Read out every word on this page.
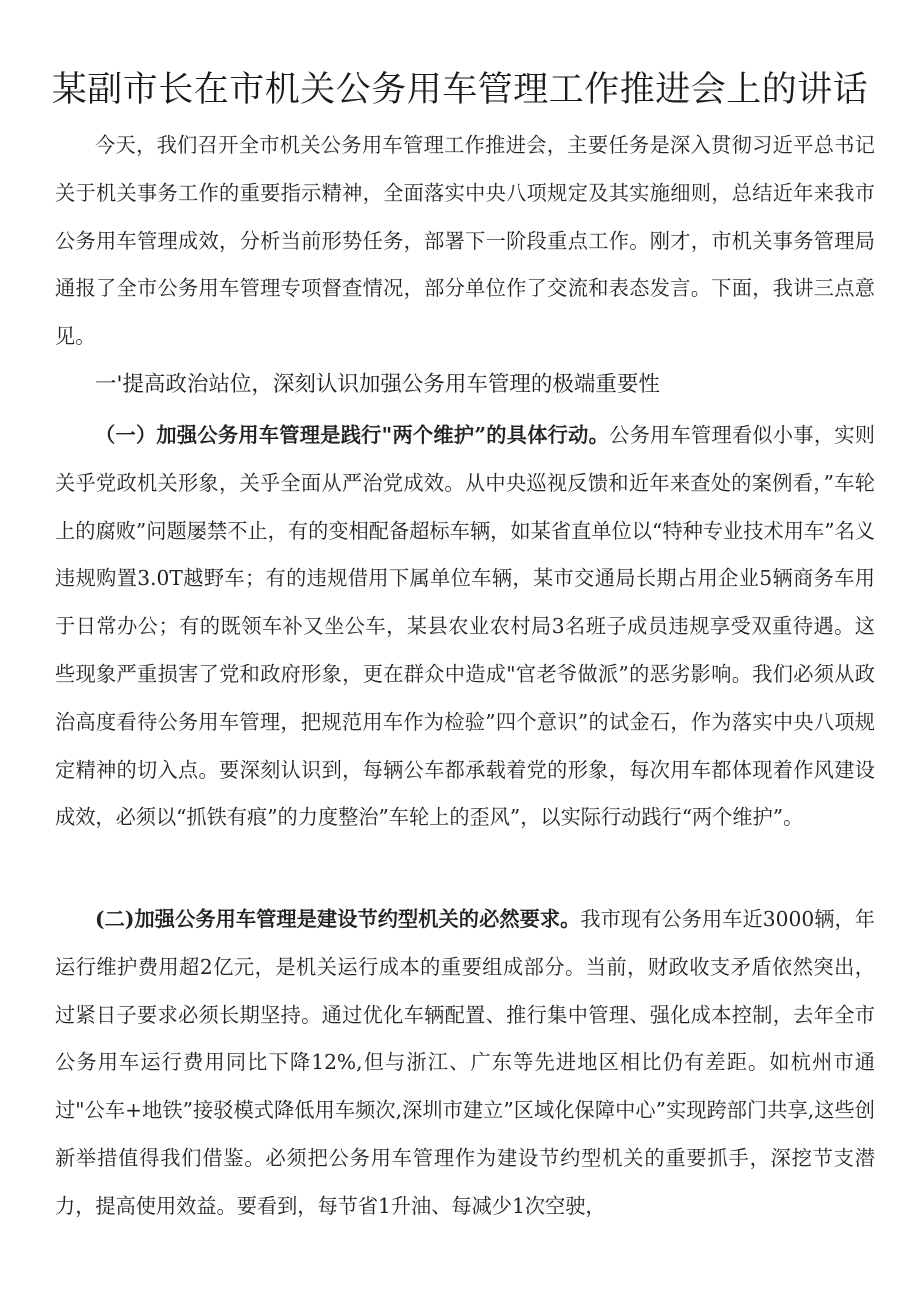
某副市长在市机关公务用车管理工作推进会上的讲话

今天，我们召开全市机关公务用车管理工作推进会，主要任务是深入贯彻习近平总书记关于机关事务工作的重要指示精神，全面落实中央八项规定及其实施细则，总结近年来我市公务用车管理成效，分析当前形势任务，部署下一阶段重点工作。刚才，市机关事务管理局通报了全市公务用车管理专项督查情况，部分单位作了交流和表态发言。下面，我讲三点意见。

一'提高政治站位，深刻认识加强公务用车管理的极端重要性

（一）加强公务用车管理是践行"两个维护”的具体行动。公务用车管理看似小事，实则关乎党政机关形象，关乎全面从严治党成效。从中央巡视反馈和近年来查处的案例看，”车轮上的腐败”问题屡禁不止，有的变相配备超标车辆，如某省直单位以“特种专业技术用车”名义违规购置3.0T越野车；有的违规借用下属单位车辆，某市交通局长期占用企业5辆商务车用于日常办公；有的既领车补又坐公车，某县农业农村局3名班子成员违规享受双重待遇。这些现象严重损害了党和政府形象，更在群众中造成"官老爷做派”的恶劣影响。我们必须从政治高度看待公务用车管理，把规范用车作为检验”四个意识”的试金石，作为落实中央八项规定精神的切入点。要深刻认识到，每辆公车都承载着党的形象，每次用车都体现着作风建设成效，必须以“抓铁有痕”的力度整治”车轮上的歪风”，以实际行动践行“两个维护”。

(二)加强公务用车管理是建设节约型机关的必然要求。我市现有公务用车近3000辆，年运行维护费用超2亿元，是机关运行成本的重要组成部分。当前，财政收支矛盾依然突出，过紧日子要求必须长期坚持。通过优化车辆配置、推行集中管理、强化成本控制，去年全市公务用车运行费用同比下降12%,但与浙江、广东等先进地区相比仍有差距。如杭州市通过"公车+地铁”接驳模式降低用车频次,深圳市建立”区域化保障中心”实现跨部门共享,这些创新举措值得我们借鉴。必须把公务用车管理作为建设节约型机关的重要抓手，深挖节支潜力，提高使用效益。要看到，每节省1升油、每减少1次空驶，
